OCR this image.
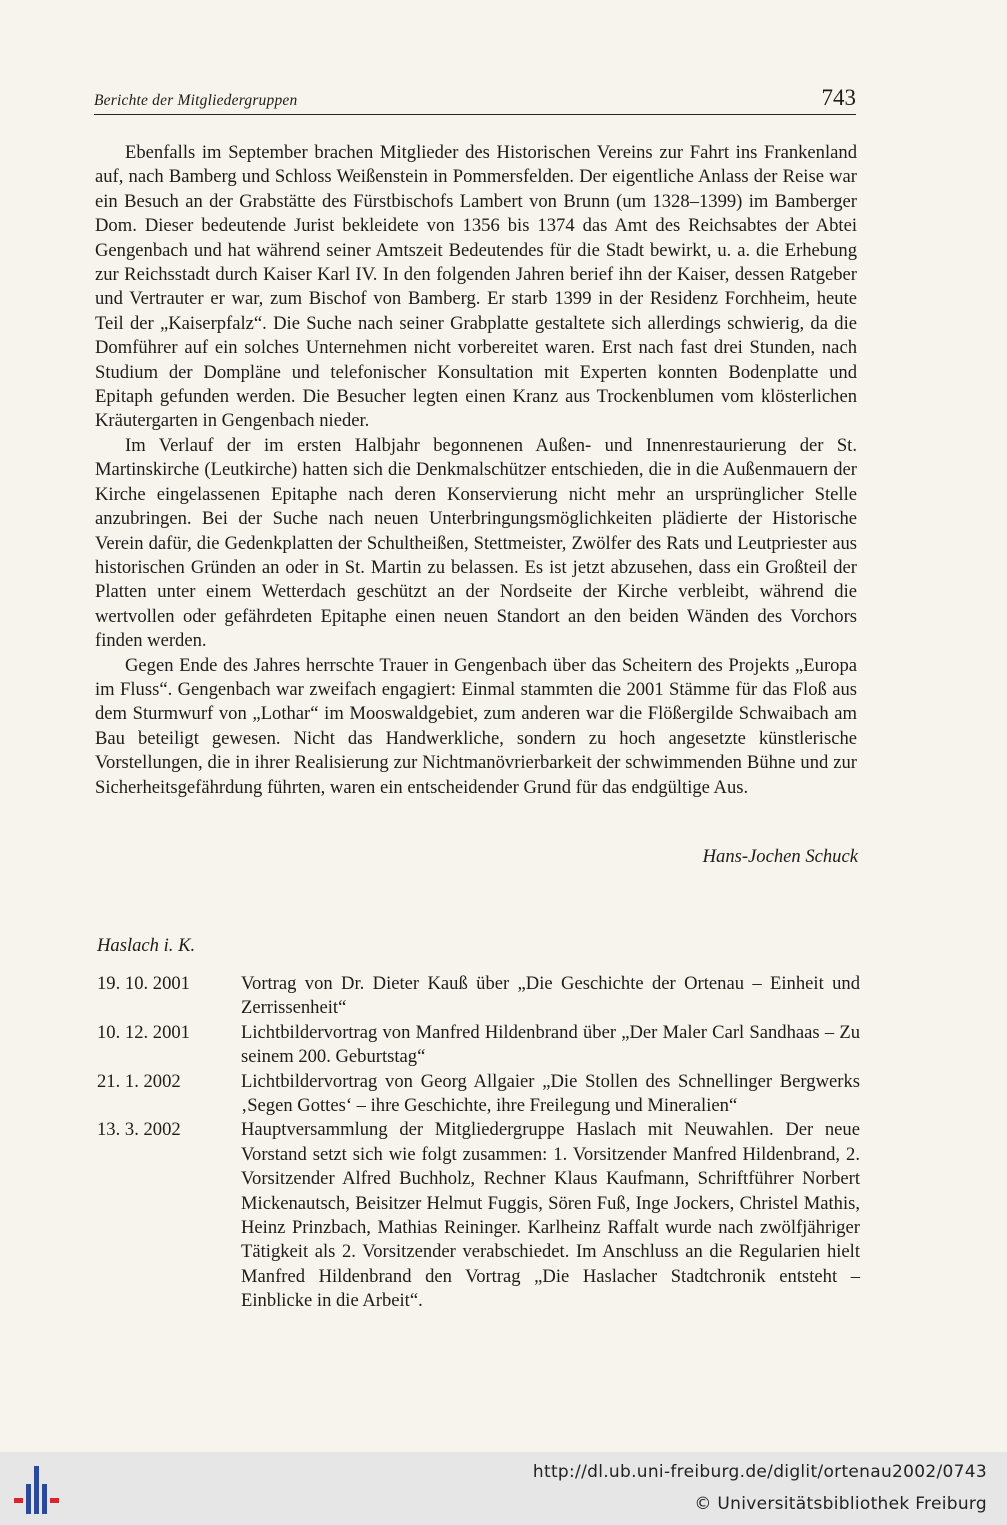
Berichte der Mitgliedergruppen	743

Ebenfalls im September brachen Mitglieder des Historischen Vereins zur Fahrt ins Frankenland auf, nach Bamberg und Schloss Weißenstein in Pommersfelden. Der eigentliche Anlass der Reise war ein Besuch an der Grabstätte des Fürstbischofs Lambert von Brunn (um 1328–1399) im Bamberger Dom. Dieser bedeutende Jurist bekleidete von 1356 bis 1374 das Amt des Reichsabtes der Abtei Gengenbach und hat während seiner Amtszeit Bedeutendes für die Stadt bewirkt, u. a. die Erhebung zur Reichsstadt durch Kaiser Karl IV. In den folgenden Jahren berief ihn der Kaiser, dessen Ratgeber und Vertrauter er war, zum Bischof von Bamberg. Er starb 1399 in der Residenz Forchheim, heute Teil der „Kaiserpfalz“. Die Suche nach seiner Grabplatte gestaltete sich allerdings schwierig, da die Domführer auf ein solches Unternehmen nicht vorbereitet waren. Erst nach fast drei Stunden, nach Studium der Dompläne und telefonischer Konsultation mit Experten konnten Bodenplatte und Epitaph gefunden werden. Die Besucher legten einen Kranz aus Trockenblumen vom klösterlichen Kräutergarten in Gengenbach nieder.

Im Verlauf der im ersten Halbjahr begonnenen Außen- und Innenrestaurierung der St. Martinskirche (Leutkirche) hatten sich die Denkmalschützer entschieden, die in die Außenmauern der Kirche eingelassenen Epitaphe nach deren Konservierung nicht mehr an ursprünglicher Stelle anzubringen. Bei der Suche nach neuen Unterbringungsmöglichkeiten plädierte der Historische Verein dafür, die Gedenkplatten der Schultheißen, Stettmeister, Zwölfer des Rats und Leutpriester aus historischen Gründen an oder in St. Martin zu belassen. Es ist jetzt abzusehen, dass ein Großteil der Platten unter einem Wetterdach geschützt an der Nordseite der Kirche verbleibt, während die wertvollen oder gefährdeten Epitaphe einen neuen Standort an den beiden Wänden des Vorchors finden werden.

Gegen Ende des Jahres herrschte Trauer in Gengenbach über das Scheitern des Projekts „Europa im Fluss“. Gengenbach war zweifach engagiert: Einmal stammten die 2001 Stämme für das Floß aus dem Sturmwurf von „Lothar“ im Mooswaldgebiet, zum anderen war die Flößergilde Schwaibach am Bau beteiligt gewesen. Nicht das Handwerkliche, sondern zu hoch angesetzte künstlerische Vorstellungen, die in ihrer Realisierung zur Nichtmanövrierbarkeit der schwimmenden Bühne und zur Sicherheitsgefährdung führten, waren ein entscheidender Grund für das endgültige Aus.

Hans-Jochen Schuck
Haslach i. K.
19. 10. 2001	Vortrag von Dr. Dieter Kauß über „Die Geschichte der Ortenau – Einheit und Zerrissenheit“
10. 12. 2001	Lichtbildervortrag von Manfred Hildenbrand über „Der Maler Carl Sandhaas – Zu seinem 200. Geburtstag“
21. 1. 2002	Lichtbildervortrag von Georg Allgaier „Die Stollen des Schnellinger Bergwerks ‚Segen Gottes‘ – ihre Geschichte, ihre Freilegung und Mineralien“
13. 3. 2002	Hauptversammlung der Mitgliedergruppe Haslach mit Neuwahlen. Der neue Vorstand setzt sich wie folgt zusammen: 1. Vorsitzender Manfred Hildenbrand, 2. Vorsitzender Alfred Buchholz, Rechner Klaus Kaufmann, Schriftführer Norbert Mickenautsch, Beisitzer Helmut Fuggis, Sören Fuß, Inge Jockers, Christel Mathis, Heinz Prinzbach, Mathias Reininger. Karlheinz Raffalt wurde nach zwölfjähriger Tätigkeit als 2. Vorsitzender verabschiedet. Im Anschluss an die Regularien hielt Manfred Hildenbrand den Vortrag „Die Haslacher Stadtchronik entsteht – Einblicke in die Arbeit“.
http://dl.ub.uni-freiburg.de/diglit/ortenau2002/0743
© Universitätsbibliothek Freiburg
